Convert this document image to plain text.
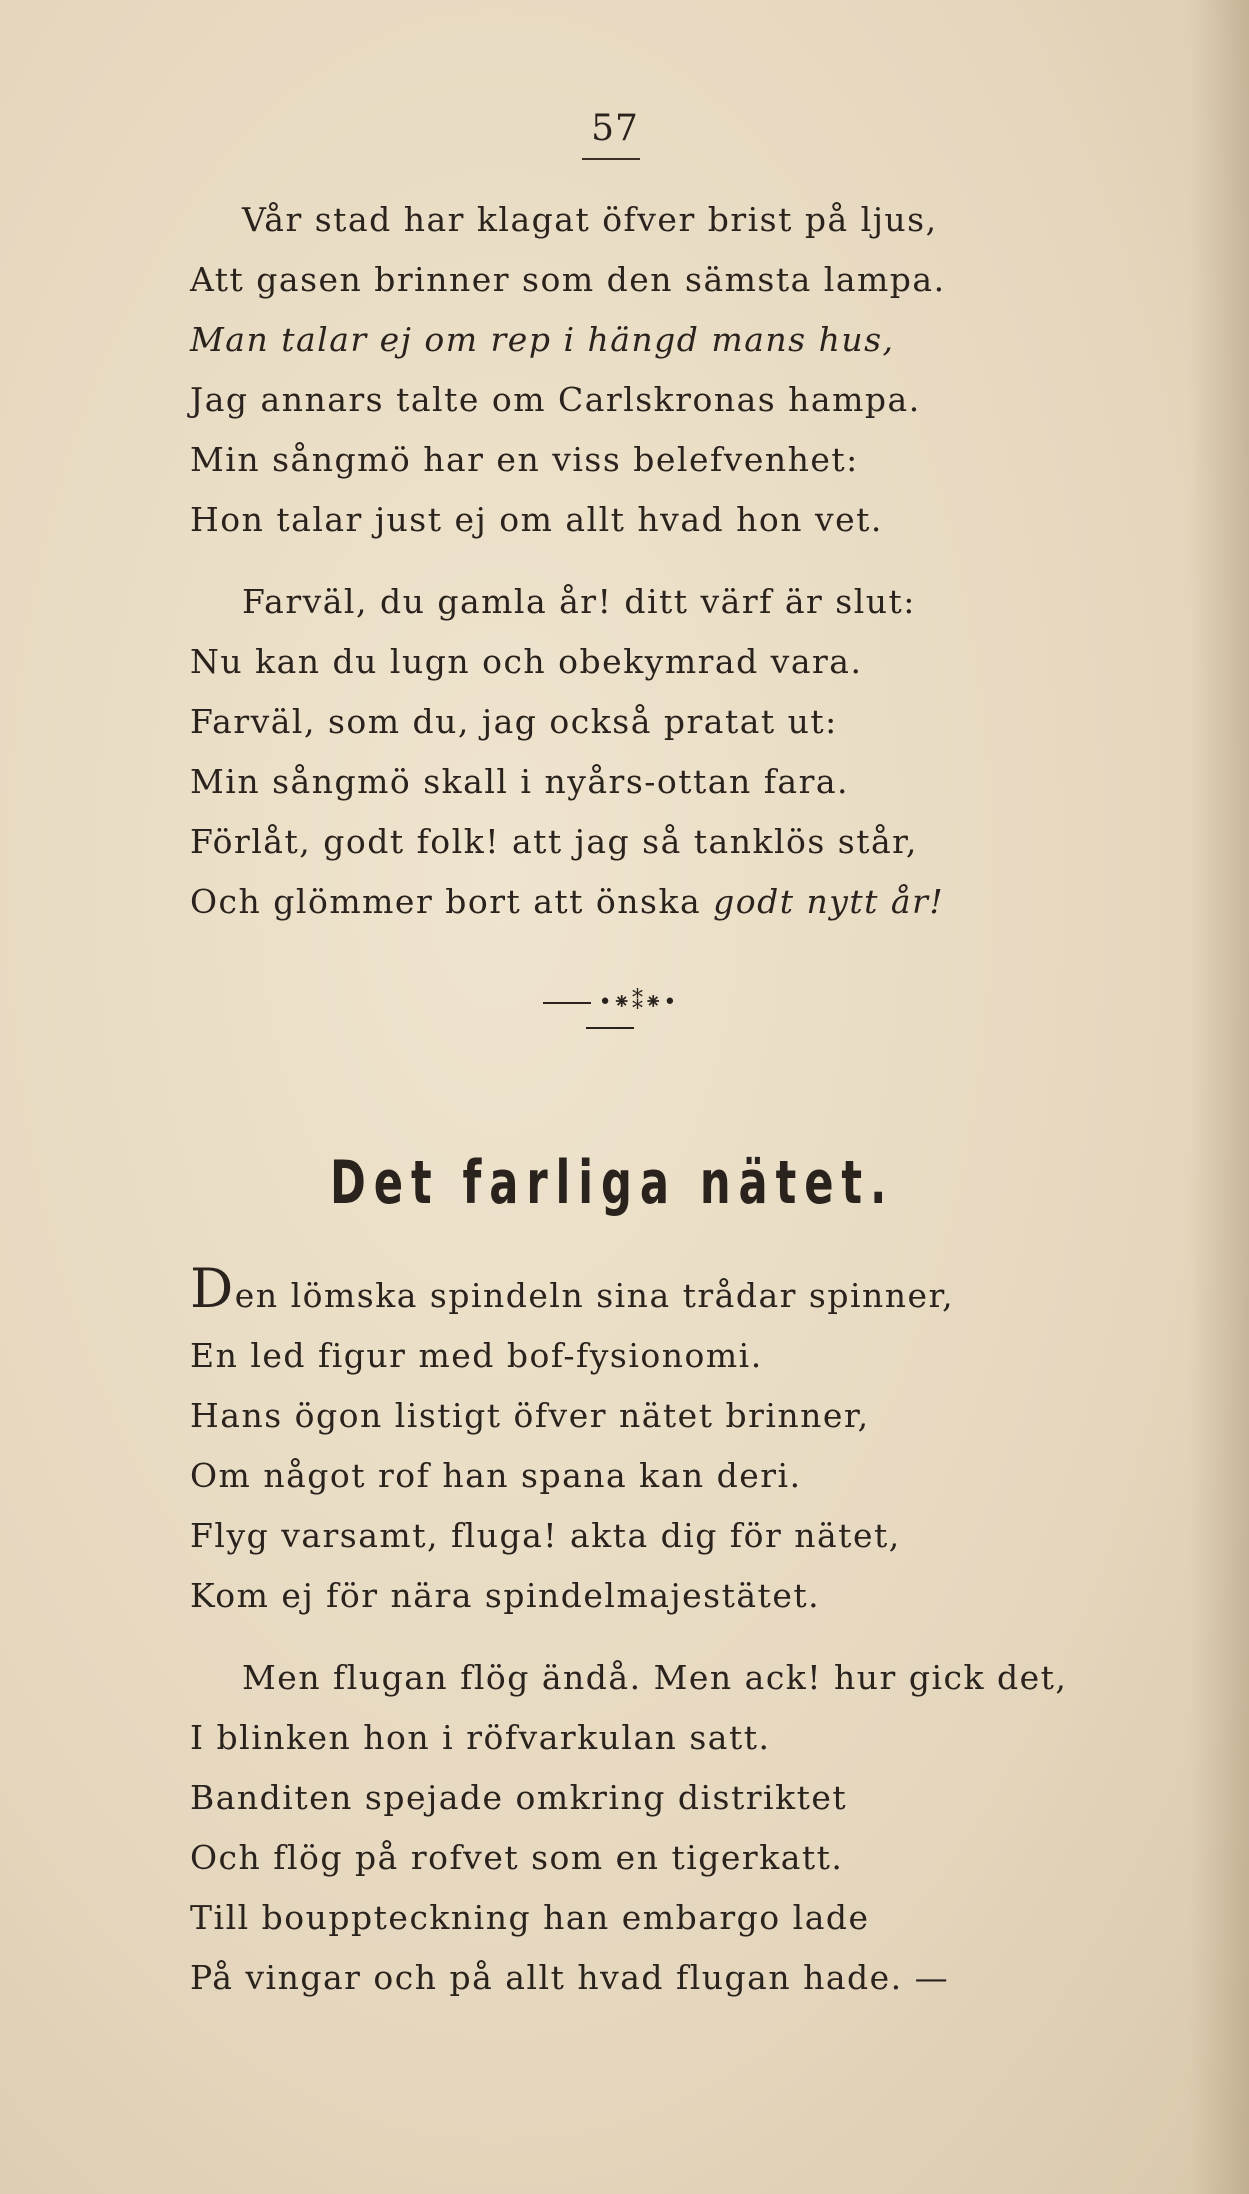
57
Vår stad har klagat öfver brist på ljus,
Att gasen brinner som den sämsta lampa.
Man talar ej om rep i hängd mans hus,
Jag annars talte om Carlskronas hampa.
Min sångmö har en viss belefvenhet:
Hon talar just ej om allt hvad hon vet.
Farväl, du gamla år! ditt värf är slut:
Nu kan du lugn och obekymrad vara.
Farväl, som du, jag också pratat ut:
Min sångmö skall i nyårs-ottan fara.
Förlåt, godt folk! att jag så tanklös står,
Och glömmer bort att önska godt nytt år!
•⁕⁑⁕•
Det farliga nätet.
Den lömska spindeln sina trådar spinner,
En led figur med bof-fysionomi.
Hans ögon listigt öfver nätet brinner,
Om något rof han spana kan deri.
Flyg varsamt, fluga! akta dig för nätet,
Kom ej för nära spindelmajestätet.
Men flugan flög ändå. Men ack! hur gick det,
I blinken hon i röfvarkulan satt.
Banditen spejade omkring distriktet
Och flög på rofvet som en tigerkatt.
Till bouppteckning han embargo lade
På vingar och på allt hvad flugan hade. —
